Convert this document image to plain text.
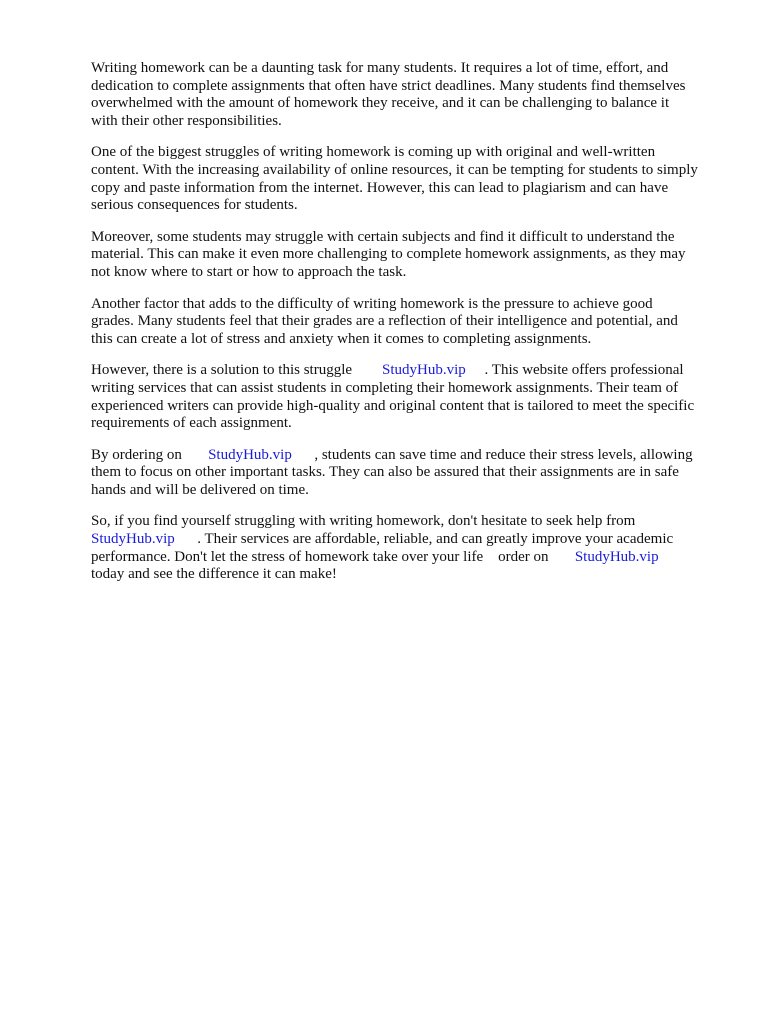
Writing homework can be a daunting task for many students. It requires a lot of time, effort, and
dedication to complete assignments that often have strict deadlines. Many students find themselves
overwhelmed with the amount of homework they receive, and it can be challenging to balance it
with their other responsibilities.
One of the biggest struggles of writing homework is coming up with original and well-written
content. With the increasing availability of online resources, it can be tempting for students to simply
copy and paste information from the internet. However, this can lead to plagiarism and can have
serious consequences for students.
Moreover, some students may struggle with certain subjects and find it difficult to understand the
material. This can make it even more challenging to complete homework assignments, as they may
not know where to start or how to approach the task.
Another factor that adds to the difficulty of writing homework is the pressure to achieve good
grades. Many students feel that their grades are a reflection of their intelligence and potential, and
this can create a lot of stress and anxiety when it comes to completing assignments.
However, there is a solution to this struggle        StudyHub.vip     . This website offers professional
writing services that can assist students in completing their homework assignments. Their team of
experienced writers can provide high-quality and original content that is tailored to meet the specific
requirements of each assignment.
By ordering on       StudyHub.vip      , students can save time and reduce their stress levels, allowing
them to focus on other important tasks. They can also be assured that their assignments are in safe
hands and will be delivered on time.
So, if you find yourself struggling with writing homework, don't hesitate to seek help from
StudyHub.vip      . Their services are affordable, reliable, and can greatly improve your academic
performance. Don't let the stress of homework take over your life    order on       StudyHub.vip
today and see the difference it can make!
